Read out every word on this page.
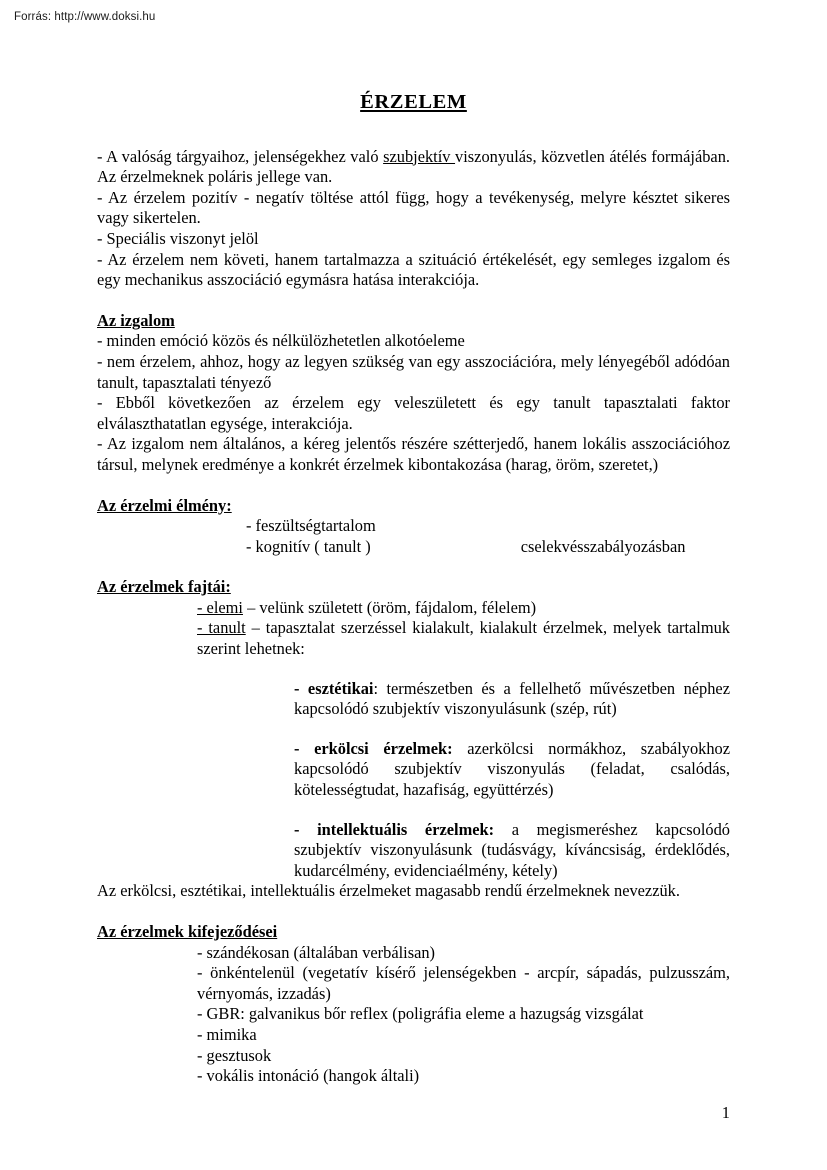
Forrás: http://www.doksi.hu
ÉRZELEM

- A valóság tárgyaihoz, jelenségekhez való szubjektív viszonyulás, közvetlen átélés formájában. Az érzelmeknek poláris jellege van.

- Az érzelem pozitív - negatív töltése attól függ, hogy a tevékenység, melyre késztet sikeres vagy sikertelen.

- Speciális viszonyt jelöl

- Az érzelem nem követi, hanem tartalmazza a szituáció értékelését, egy semleges izgalom és egy mechanikus asszociáció egymásra hatása interakciója.

Az izgalom

- minden emóció közös és nélkülözhetetlen alkotóeleme

- nem érzelem, ahhoz, hogy az legyen szükség van egy asszociációra, mely lényegéből adódóan tanult, tapasztalati tényező

- Ebből következően az érzelem egy veleszületett és egy tanult tapasztalati faktor elválaszthatatlan egysége, interakciója.

- Az izgalom nem általános, a kéreg jelentős részére szétterjedő, hanem lokális asszociációhoz társul, melynek eredménye a konkrét érzelmek kibontakozása (harag, öröm, szeretet,)

Az érzelmi élmény:

- feszültségtartalom

- kognitív ( tanult )	cselekvésszabályozásban
Az érzelmek fajtái:

- elemi – velünk született (öröm, fájdalom, félelem)

- tanult – tapasztalat szerzéssel kialakult, kialakult érzelmek, melyek tartalmuk szerint lehetnek:

- esztétikai: természetben és a fellelhető művészetben néphez kapcsolódó szubjektív viszonyulásunk (szép, rút)

- erkölcsi érzelmek: azerkölcsi normákhoz, szabályokhoz kapcsolódó szubjektív viszonyulás (feladat, csalódás, kötelességtudat, hazafiság, együttérzés)

- intellektuális érzelmek: a megismeréshez kapcsolódó szubjektív viszonyulásunk (tudásvágy, kíváncsiság, érdeklődés, kudarcélmény, evidenciaélmény, kétely)

Az erkölcsi, esztétikai, intellektuális érzelmeket magasabb rendű érzelmeknek nevezzük.

Az érzelmek kifejeződései

- szándékosan (általában verbálisan)

- önkéntelenül (vegetatív kísérő jelenségekben - arcpír, sápadás, pulzusszám, vérnyomás, izzadás)

- GBR: galvanikus bőr reflex (poligráfia eleme a hazugság vizsgálat

- mimika

- gesztusok

- vokális intonáció (hangok általi)

1
